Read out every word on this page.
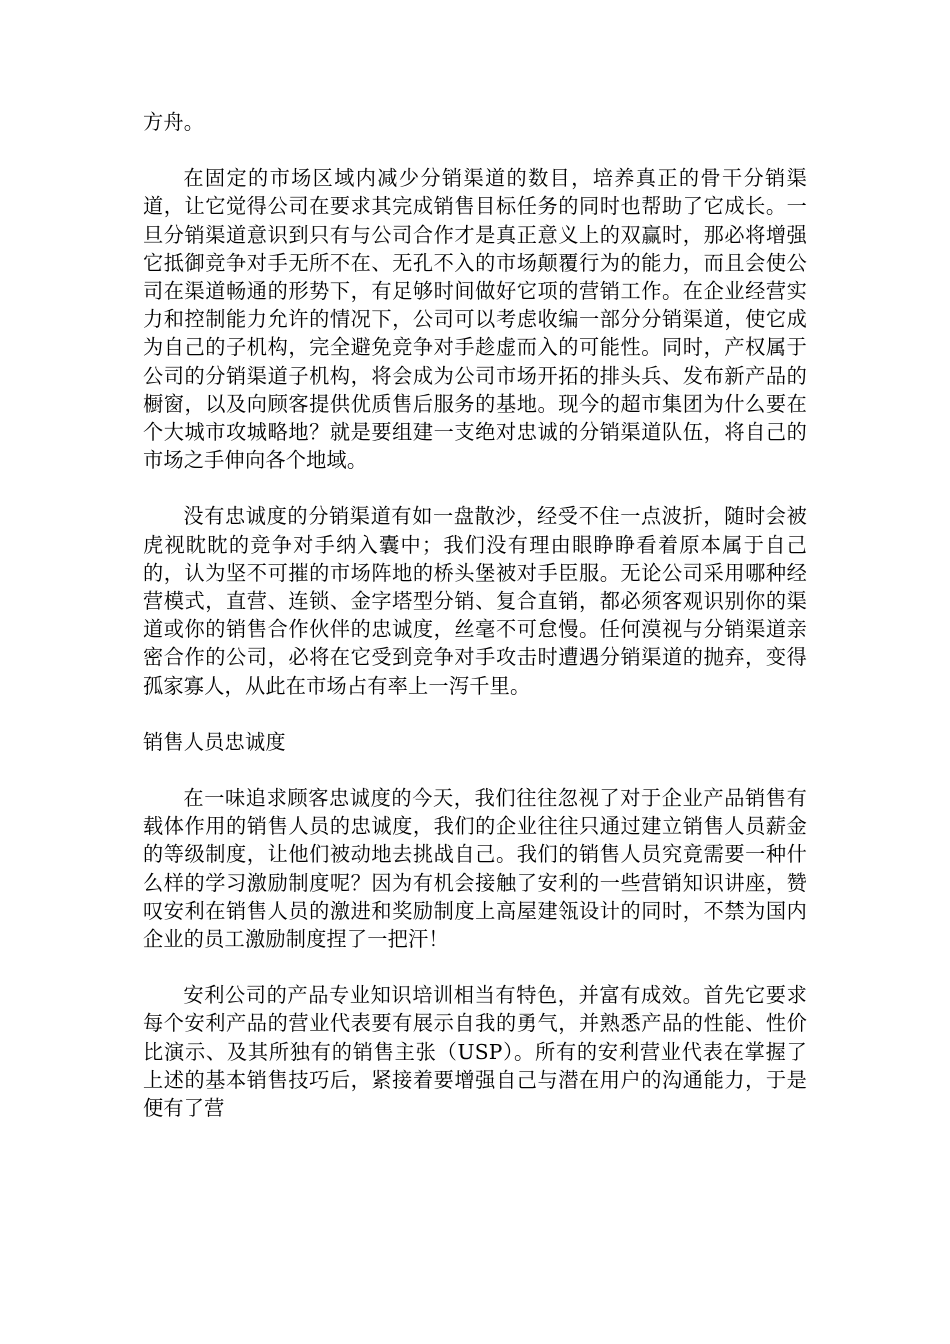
方舟。

在固定的市场区域内减少分销渠道的数目，培养真正的骨干分销渠道，让它觉得公司在要求其完成销售目标任务的同时也帮助了它成长。一旦分销渠道意识到只有与公司合作才是真正意义上的双赢时，那必将增强它抵御竞争对手无所不在、无孔不入的市场颠覆行为的能力，而且会使公司在渠道畅通的形势下，有足够时间做好它项的营销工作。在企业经营实力和控制能力允许的情况下，公司可以考虑收编一部分分销渠道，使它成为自己的子机构，完全避免竞争对手趁虚而入的可能性。同时，产权属于公司的分销渠道子机构，将会成为公司市场开拓的排头兵、发布新产品的橱窗，以及向顾客提供优质售后服务的基地。现今的超市集团为什么要在个大城市攻城略地？就是要组建一支绝对忠诚的分销渠道队伍，将自己的市场之手伸向各个地域。

没有忠诚度的分销渠道有如一盘散沙，经受不住一点波折，随时会被虎视眈眈的竞争对手纳入囊中；我们没有理由眼睁睁看着原本属于自己的，认为坚不可摧的市场阵地的桥头堡被对手臣服。无论公司采用哪种经营模式，直营、连锁、金字塔型分销、复合直销，都必须客观识别你的渠道或你的销售合作伙伴的忠诚度，丝毫不可怠慢。任何漠视与分销渠道亲密合作的公司，必将在它受到竞争对手攻击时遭遇分销渠道的抛弃，变得孤家寡人，从此在市场占有率上一泻千里。

销售人员忠诚度

在一味追求顾客忠诚度的今天，我们往往忽视了对于企业产品销售有载体作用的销售人员的忠诚度，我们的企业往往只通过建立销售人员薪金的等级制度，让他们被动地去挑战自己。我们的销售人员究竟需要一种什么样的学习激励制度呢？因为有机会接触了安利的一些营销知识讲座，赞叹安利在销售人员的激进和奖励制度上高屋建瓴设计的同时，不禁为国内企业的员工激励制度捏了一把汗！

安利公司的产品专业知识培训相当有特色，并富有成效。首先它要求每个安利产品的营业代表要有展示自我的勇气，并熟悉产品的性能、性价比演示、及其所独有的销售主张（USP）。所有的安利营业代表在掌握了上述的基本销售技巧后，紧接着要增强自己与潜在用户的沟通能力，于是便有了营
